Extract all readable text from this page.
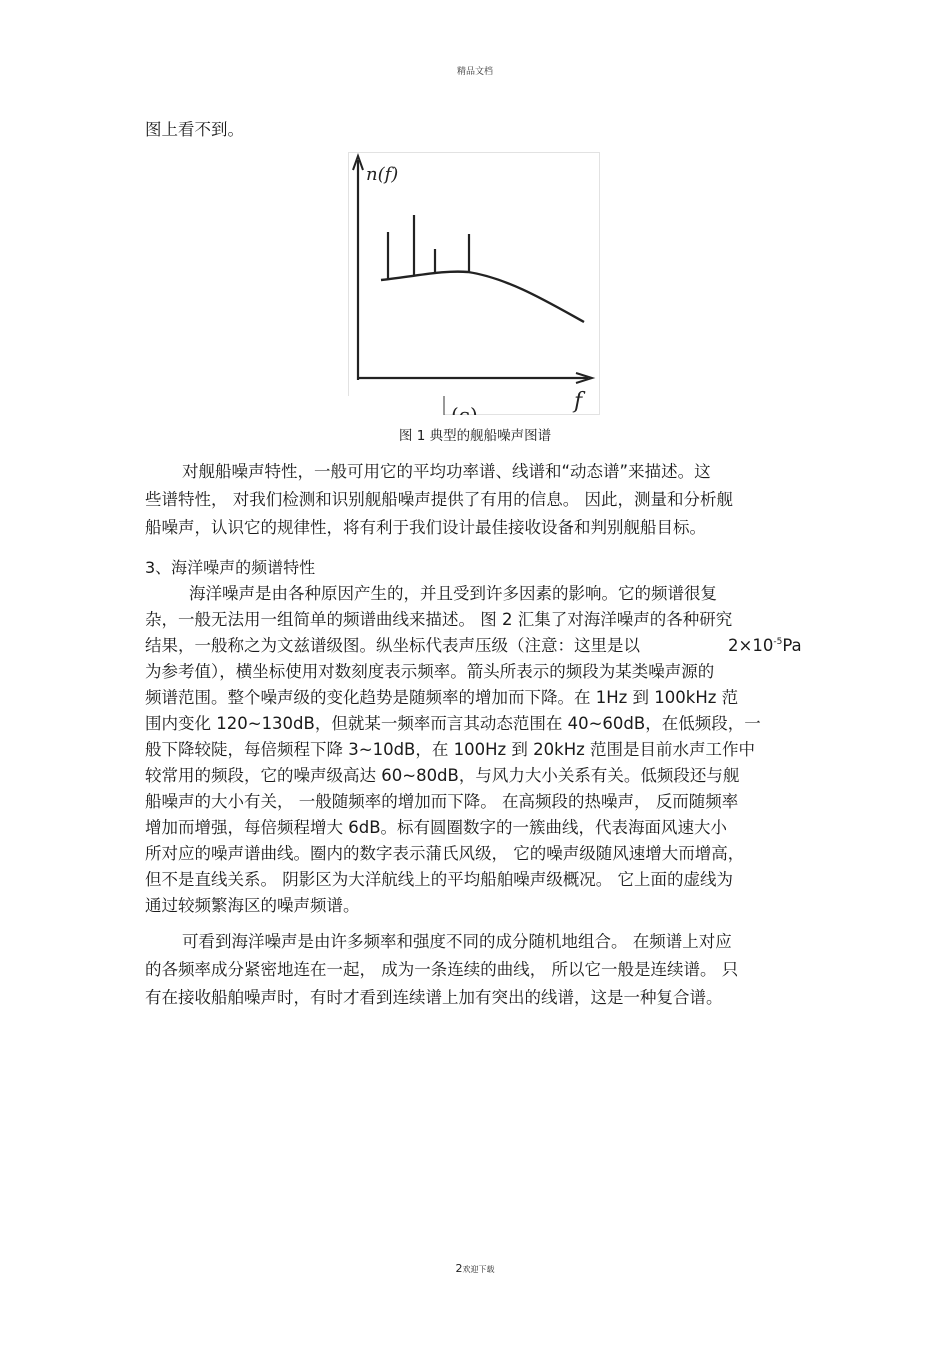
精品文档
图上看不到。
n(f)
f
(c)
图 1 典型的舰船噪声图谱
对舰船噪声特性，一般可用它的平均功率谱、线谱和“动态谱”来描述。这
些谱特性， 对我们检测和识别舰船噪声提供了有用的信息。 因此，测量和分析舰
船噪声，认识它的规律性，将有利于我们设计最佳接收设备和判别舰船目标。
3、海洋噪声的频谱特性
海洋噪声是由各种原因产生的，并且受到许多因素的影响。它的频谱很复
杂，一般无法用一组简单的频谱曲线来描述。 图 2 汇集了对海洋噪声的各种研究
结果，一般称之为文兹谱级图。纵坐标代表声压级（注意：这里是以	$2\times 10^{-5}Pa$
为参考值），横坐标使用对数刻度表示频率。箭头所表示的频段为某类噪声源的
频谱范围。整个噪声级的变化趋势是随频率的增加而下降。在 1Hz 到 100kHz 范
围内变化 120~130dB，但就某一频率而言其动态范围在 40~60dB，在低频段，一
般下降较陡，每倍频程下降 3~10dB，在 100Hz 到 20kHz 范围是目前水声工作中
较常用的频段，它的噪声级高达 60~80dB，与风力大小关系有关。低频段还与舰
船噪声的大小有关， 一般随频率的增加而下降。 在高频段的热噪声， 反而随频率
增加而增强，每倍频程增大 6dB。标有圆圈数字的一簇曲线，代表海面风速大小
所对应的噪声谱曲线。圈内的数字表示蒲氏风级， 它的噪声级随风速增大而增高，
但不是直线关系。 阴影区为大洋航线上的平均船舶噪声级概况。 它上面的虚线为
通过较频繁海区的噪声频谱。
可看到海洋噪声是由许多频率和强度不同的成分随机地组合。 在频谱上对应
的各频率成分紧密地连在一起， 成为一条连续的曲线， 所以它一般是连续谱。 只
有在接收船舶噪声时，有时才看到连续谱上加有突出的线谱，这是一种复合谱。
2欢迎下载
